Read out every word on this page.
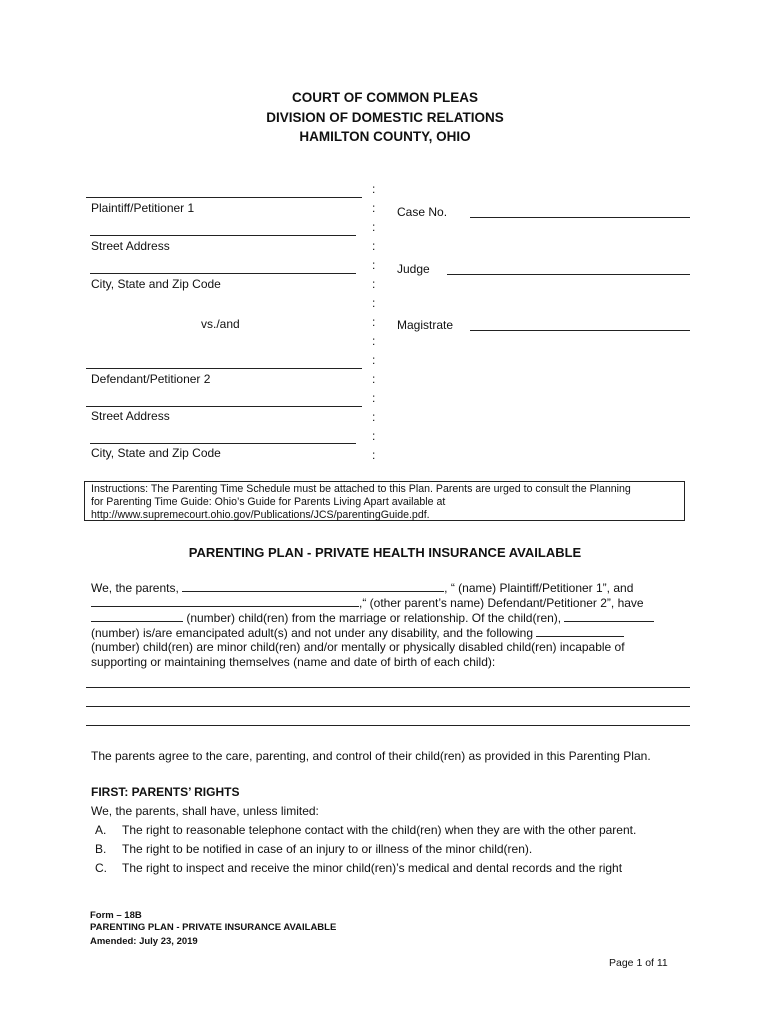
COURT OF COMMON PLEAS
DIVISION OF DOMESTIC RELATIONS
HAMILTON COUNTY, OHIO
Plaintiff/Petitioner 1
Street Address
City, State and Zip Code
vs./and
Defendant/Petitioner 2
Street Address
City, State and Zip Code
:
:
:
:
:
:
:
:
:
:
:
:
:
:
:
Case No.
Judge
Magistrate
Instructions: The Parenting Time Schedule must be attached to this Plan. Parents are urged to consult the Planning
for Parenting Time Guide: Ohio’s Guide for Parents Living Apart available at
http://www.supremecourt.ohio.gov/Publications/JCS/parentingGuide.pdf.
PARENTING PLAN - PRIVATE HEALTH INSURANCE AVAILABLE
We, the parents,	, “ (name) Plaintiff/Petitioner 1”, and
,“ (other parent’s name) Defendant/Petitioner 2”, have
(number) child(ren) from the marriage or relationship. Of the child(ren),
(number) is/are emancipated adult(s) and not under any disability, and the following
(number) child(ren) are minor child(ren) and/or mentally or physically disabled child(ren) incapable of
supporting or maintaining themselves (name and date of birth of each child):
The parents agree to the care, parenting, and control of their child(ren) as provided in this Parenting Plan.
FIRST: PARENTS’ RIGHTS
We, the parents, shall have, unless limited:
A. The right to reasonable telephone contact with the child(ren) when they are with the other parent.
B. The right to be notified in case of an injury to or illness of the minor child(ren).
C. The right to inspect and receive the minor child(ren)’s medical and dental records and the right
Form – 18B
PARENTING PLAN - PRIVATE INSURANCE AVAILABLE
Amended: July 23, 2019
Page 1 of 11
